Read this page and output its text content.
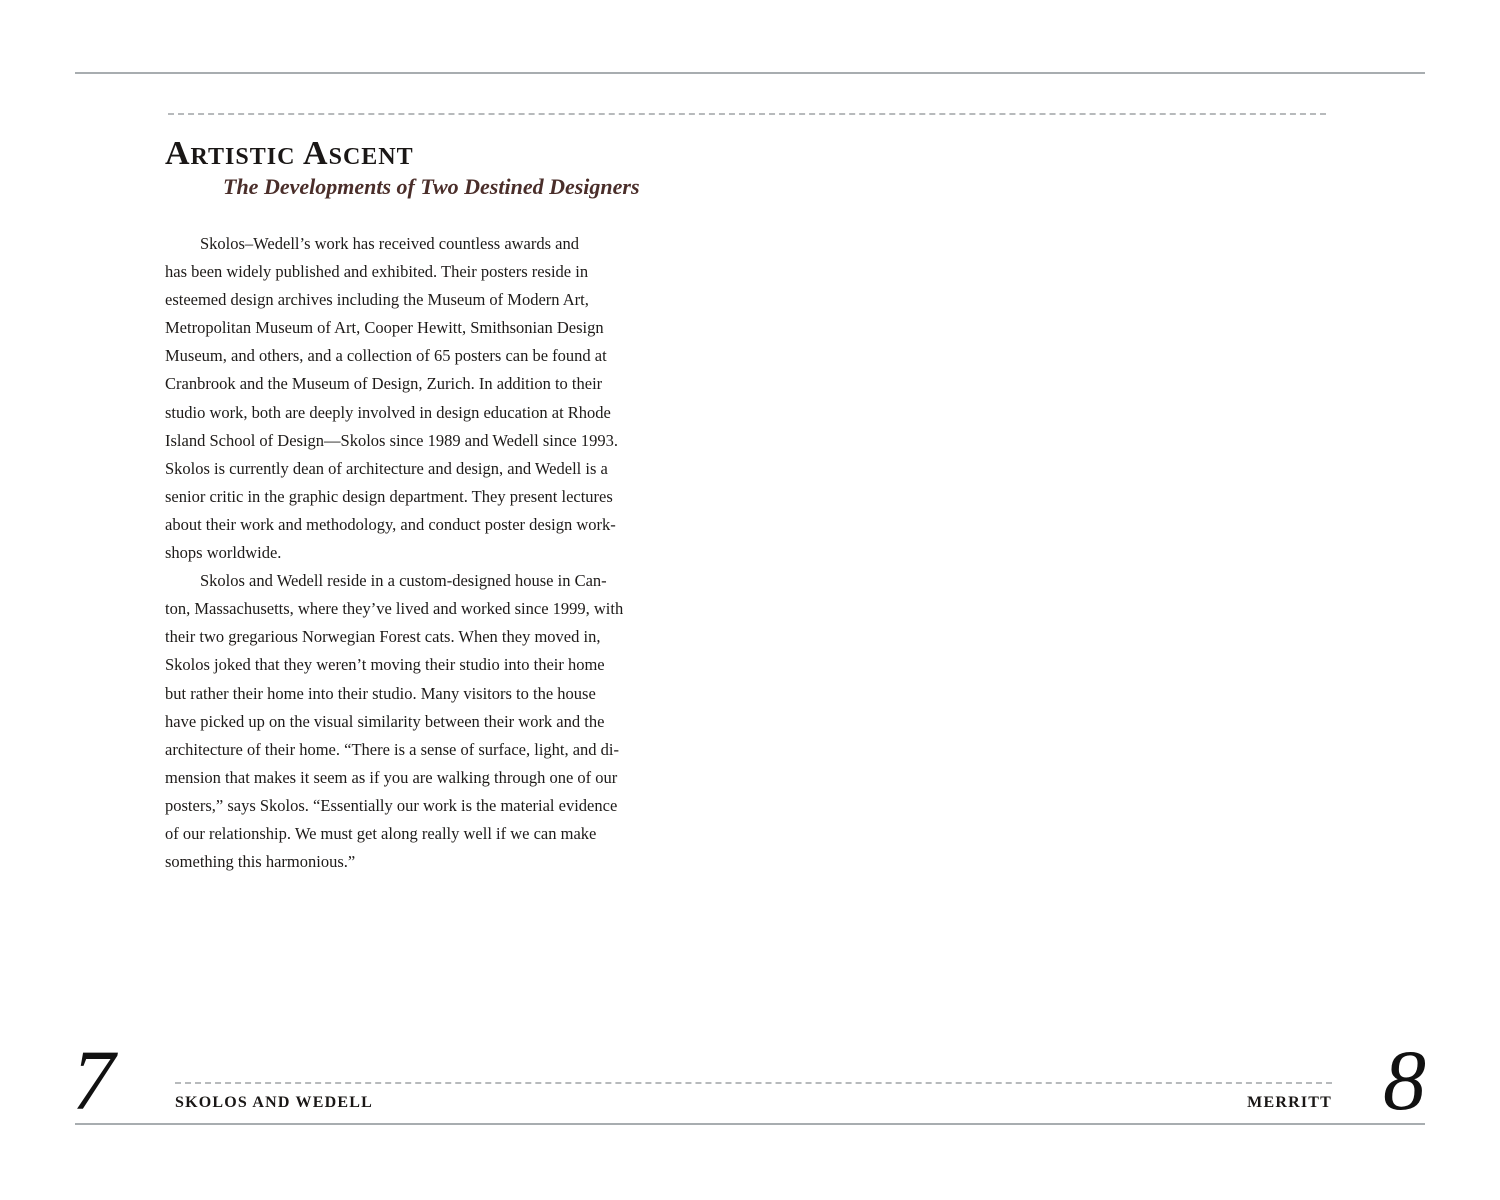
Artistic Ascent
The Developments of Two Destined Designers
Skolos–Wedell’s work has received countless awards and
has been widely published and exhibited. Their posters reside in
esteemed design archives including the Museum of Modern Art,
Metropolitan Museum of Art, Cooper Hewitt, Smithsonian Design
Museum, and others, and a collection of 65 posters can be found at
Cranbrook and the Museum of Design, Zurich. In addition to their
studio work, both are deeply involved in design education at Rhode
Island School of Design—Skolos since 1989 and Wedell since 1993.
Skolos is currently dean of architecture and design, and Wedell is a
senior critic in the graphic design department. They present lectures
about their work and methodology, and conduct poster design work-
shops worldwide.
Skolos and Wedell reside in a custom-designed house in Can-
ton, Massachusetts, where they’ve lived and worked since 1999, with
their two gregarious Norwegian Forest cats. When they moved in,
Skolos joked that they weren’t moving their studio into their home
but rather their home into their studio. Many visitors to the house
have picked up on the visual similarity between their work and the
architecture of their home. “There is a sense of surface, light, and di-
mension that makes it seem as if you are walking through one of our
posters,” says Skolos. “Essentially our work is the material evidence
of our relationship. We must get along really well if we can make
something this harmonious.”
7	SKOLOS AND WEDELL	MERRITT 8
